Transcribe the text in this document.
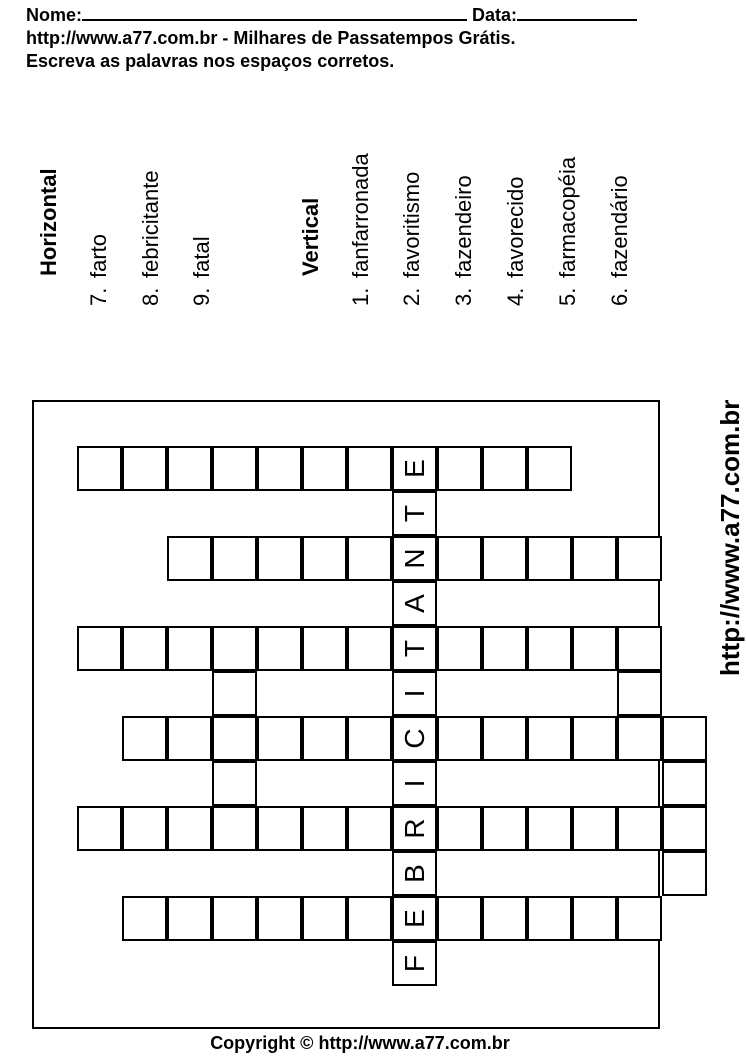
Nome:	Data:
http://www.a77.com.br - Milhares de Passatempos Grátis.
Escreva as palavras nos espaços corretos.
Horizontal
7.farto
8.febricitante
9.fatal	Vertical
1.fanfarronada
2.favoritismo
3.fazendeiro
4.favorecido
5.farmacopéia
6.fazendário
E
T
N
A
T
I
C
I
R
B
E
F
http://www.a77.com.br
Copyright © http://www.a77.com.br
